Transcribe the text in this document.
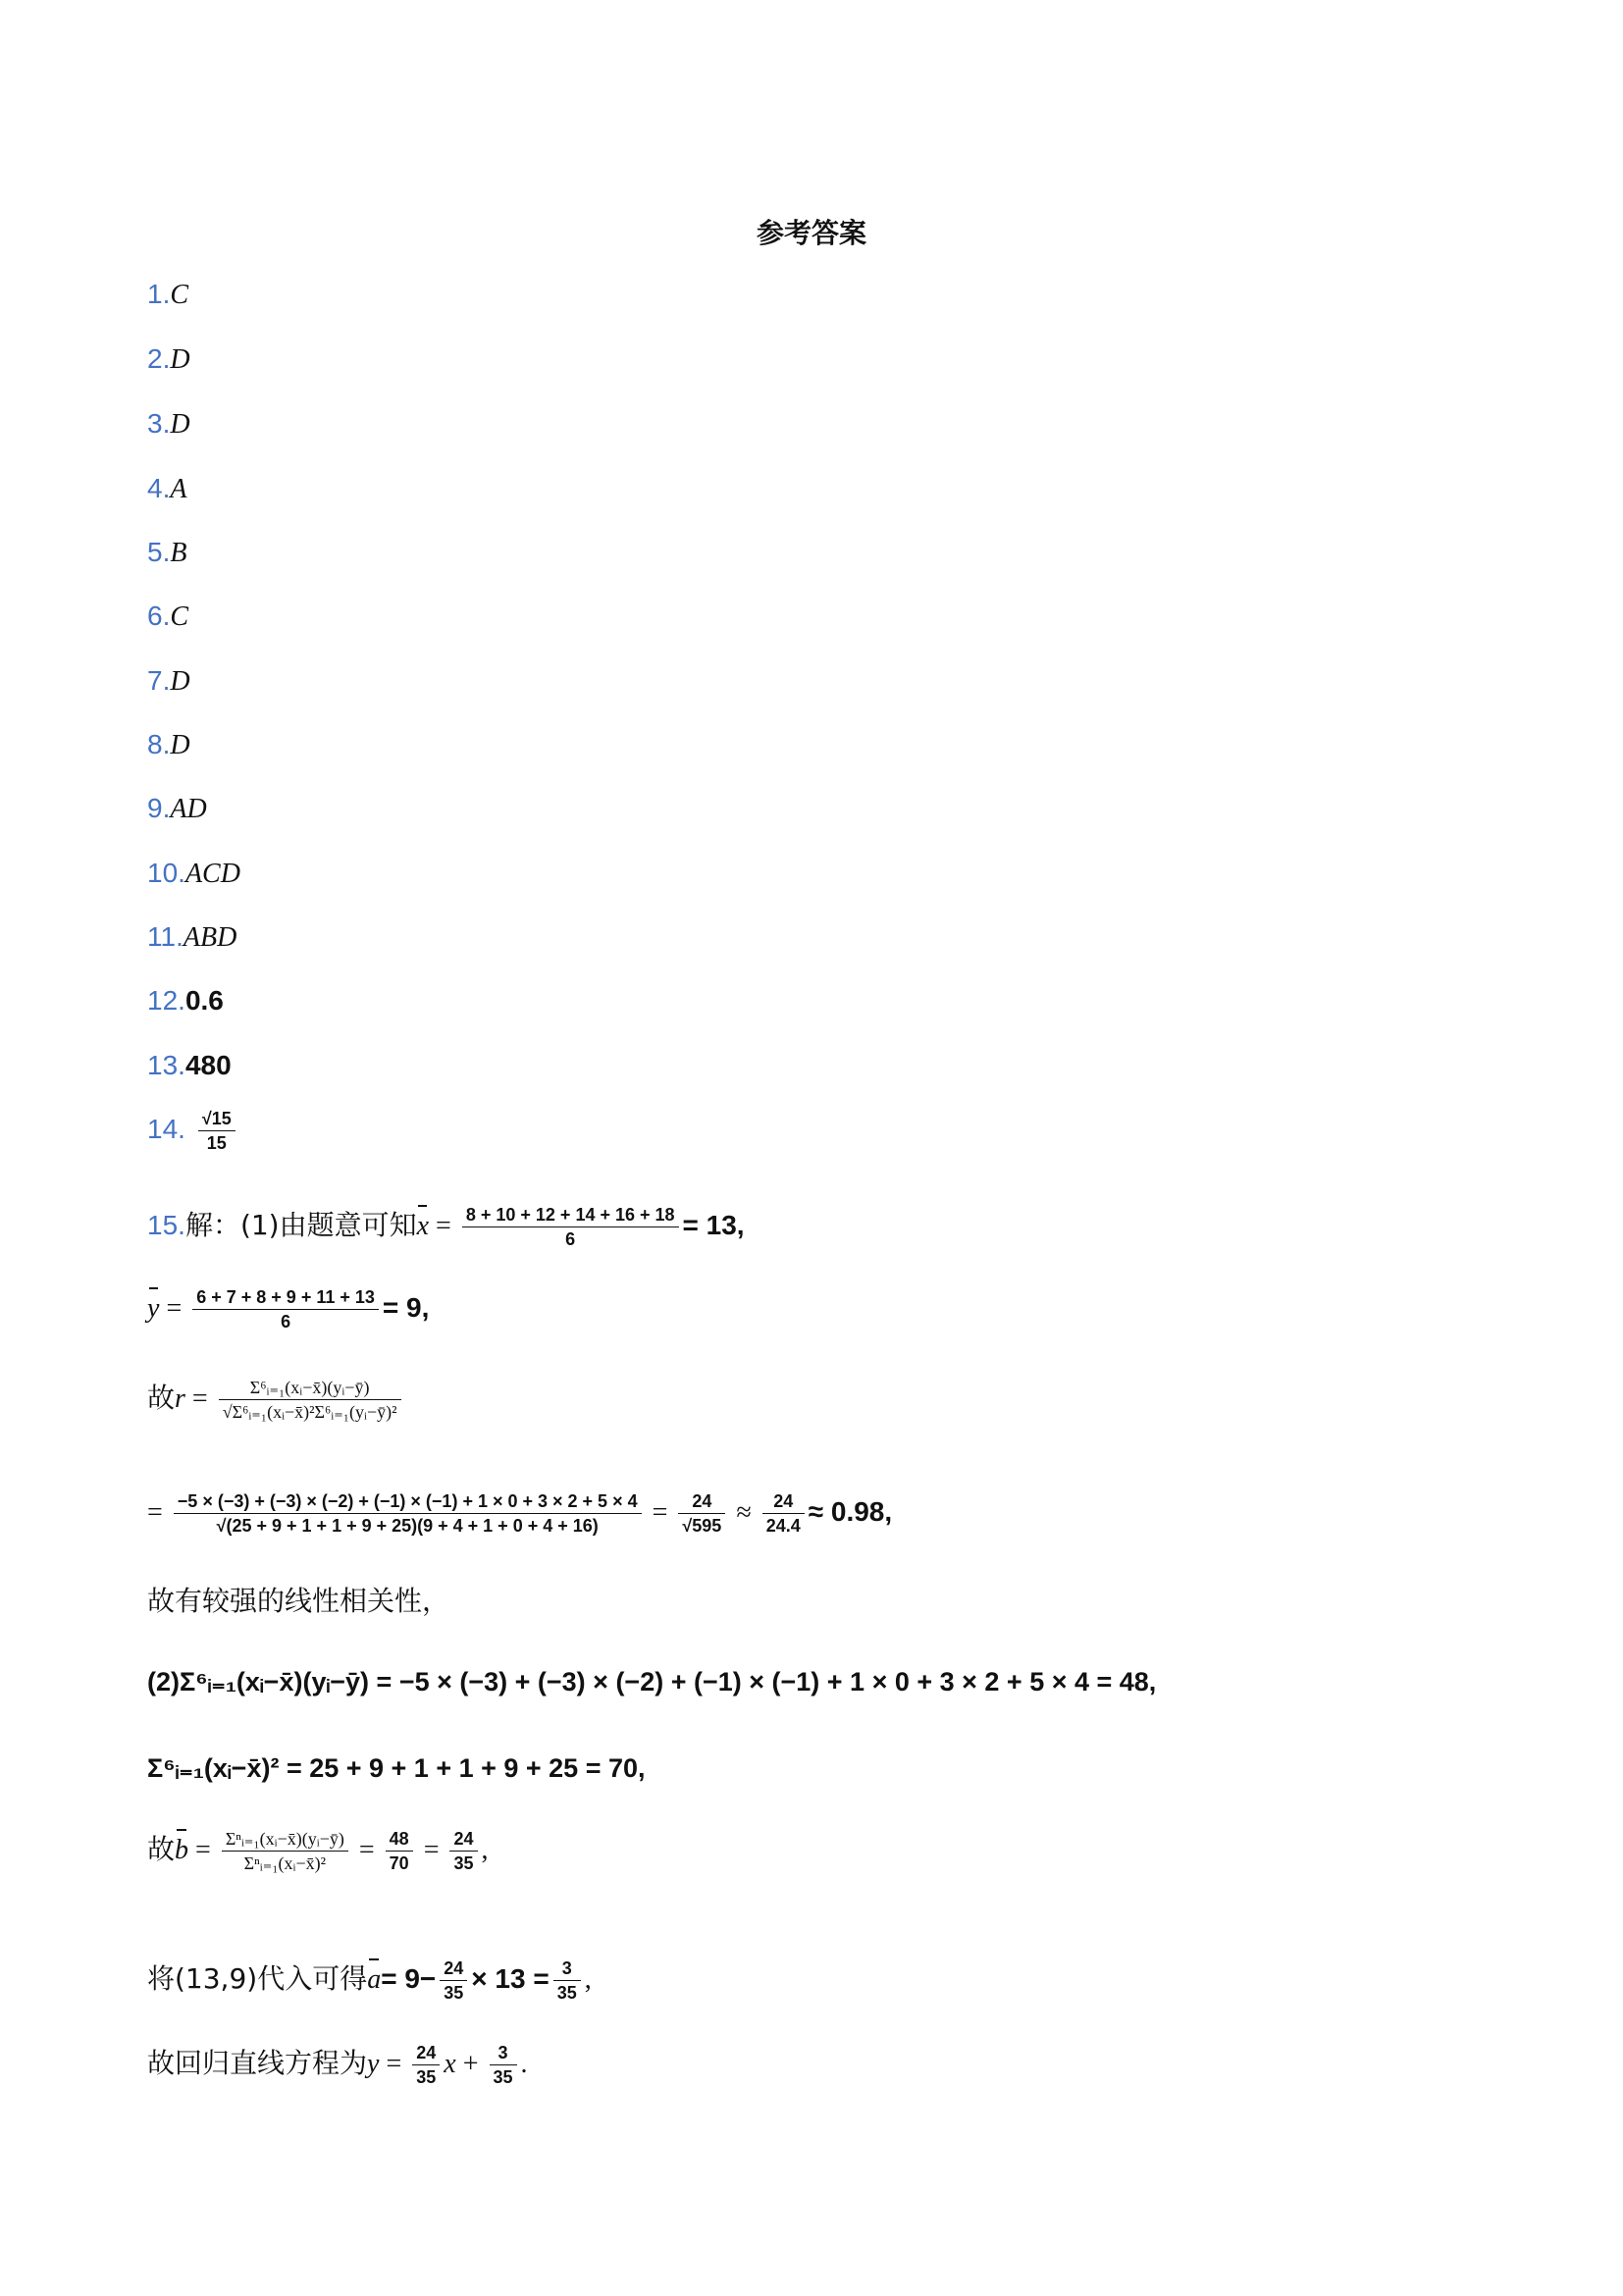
参考答案
1.C
2.D
3.D
4.A
5.B
6.C
7.D
8.D
9.AD
10.ACD
11.ABD
12.0.6
13.480
14. $\frac{√15}{15}$
15.解：(1)由题意可知$x = \frac{8 + 10 + 12 + 14 + 16 + 18}{6} = 13$,
$y = \frac{6 + 7 + 8 + 9 + 11 + 13}{6} = 9$,
故$r = \frac{\text{Σ⁶ᵢ₌₁(xᵢ−x̄)(yᵢ−ȳ)}}{\text{√Σ⁶ᵢ₌₁(xᵢ−x̄)²Σ⁶ᵢ₌₁(yᵢ−ȳ)²}}$
= −5 × (−3) + (−3) × (−2) + (−1) × (−1) + 1 × 0 + 3 × 2 + 5 × 4
$√(25 + 9 + 1 + 1 + 9 + 25)(9 + 4 + 1 + 0 + 4 + 16) = \frac{24}{√595} \approx \frac{24}{24.4} \approx 0.98$,
故有较强的线性相关性，
(2)Σ⁶ᵢ₌₁(xᵢ−x̄)(yᵢ−ȳ) = −5 × (−3) + (−3) × (−2) + (−1) × (−1) + 1 × 0 + 3 × 2 + 5 × 4 = 48,
Σ⁶ᵢ₌₁(xᵢ−x̄)² = 25 + 9 + 1 + 1 + 9 + 25 = 70,
故$b = \frac{\text{Σⁿᵢ₌₁(xᵢ−x̄)(yᵢ−ȳ)}}{\text{Σⁿᵢ₌₁(xᵢ−x̄)²}} = \frac{48}{70} = \frac{24}{35}$ ,
将(13,9)代入可得$a= 9- \frac{24}{35} \times 13 = \frac{3}{35}$ ,
故回归直线方程为$y = \frac{24}{35}$ $x + \frac{3}{35}$ .
